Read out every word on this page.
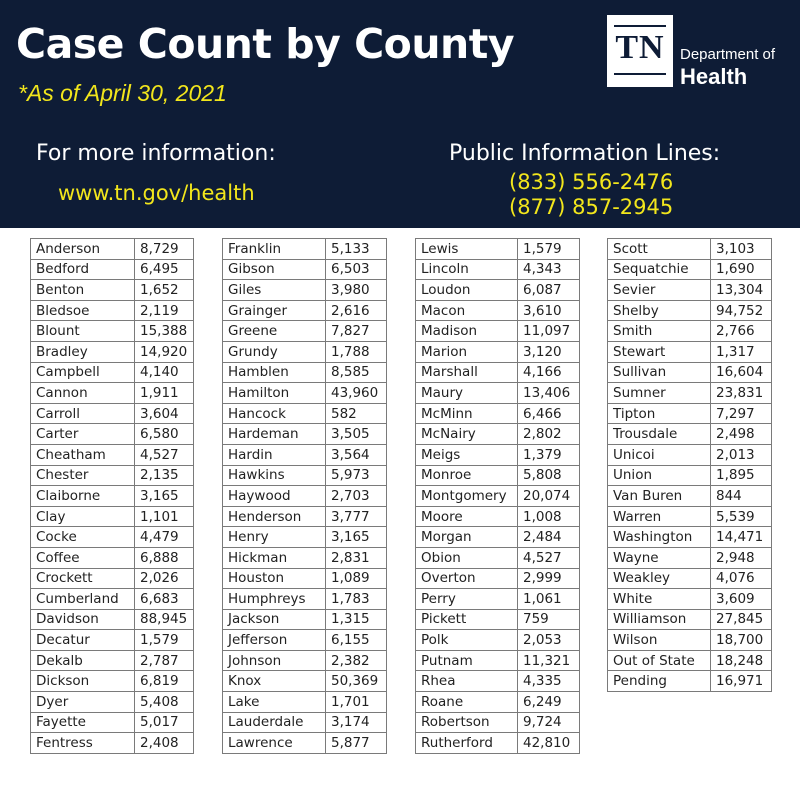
Case Count by County
*As of April 30, 2021
TN	Department of
Health
For more information:
www.tn.gov/health
Public Information Lines:
(833) 556-2476
(877) 857-2945
Anderson	8,729
Bedford	6,495
Benton	1,652
Bledsoe	2,119
Blount	15,388
Bradley	14,920
Campbell	4,140
Cannon	1,911
Carroll	3,604
Carter	6,580
Cheatham	4,527
Chester	2,135
Claiborne	3,165
Clay	1,101
Cocke	4,479
Coffee	6,888
Crockett	2,026
Cumberland	6,683
Davidson	88,945
Decatur	1,579
Dekalb	2,787
Dickson	6,819
Dyer	5,408
Fayette	5,017
Fentress	2,408
Franklin	5,133
Gibson	6,503
Giles	3,980
Grainger	2,616
Greene	7,827
Grundy	1,788
Hamblen	8,585
Hamilton	43,960
Hancock	582
Hardeman	3,505
Hardin	3,564
Hawkins	5,973
Haywood	2,703
Henderson	3,777
Henry	3,165
Hickman	2,831
Houston	1,089
Humphreys	1,783
Jackson	1,315
Jefferson	6,155
Johnson	2,382
Knox	50,369
Lake	1,701
Lauderdale	3,174
Lawrence	5,877
Lewis	1,579
Lincoln	4,343
Loudon	6,087
Macon	3,610
Madison	11,097
Marion	3,120
Marshall	4,166
Maury	13,406
McMinn	6,466
McNairy	2,802
Meigs	1,379
Monroe	5,808
Montgomery	20,074
Moore	1,008
Morgan	2,484
Obion	4,527
Overton	2,999
Perry	1,061
Pickett	759
Polk	2,053
Putnam	11,321
Rhea	4,335
Roane	6,249
Robertson	9,724
Rutherford	42,810
Scott	3,103
Sequatchie	1,690
Sevier	13,304
Shelby	94,752
Smith	2,766
Stewart	1,317
Sullivan	16,604
Sumner	23,831
Tipton	7,297
Trousdale	2,498
Unicoi	2,013
Union	1,895
Van Buren	844
Warren	5,539
Washington	14,471
Wayne	2,948
Weakley	4,076
White	3,609
Williamson	27,845
Wilson	18,700
Out of State	18,248
Pending	16,971
